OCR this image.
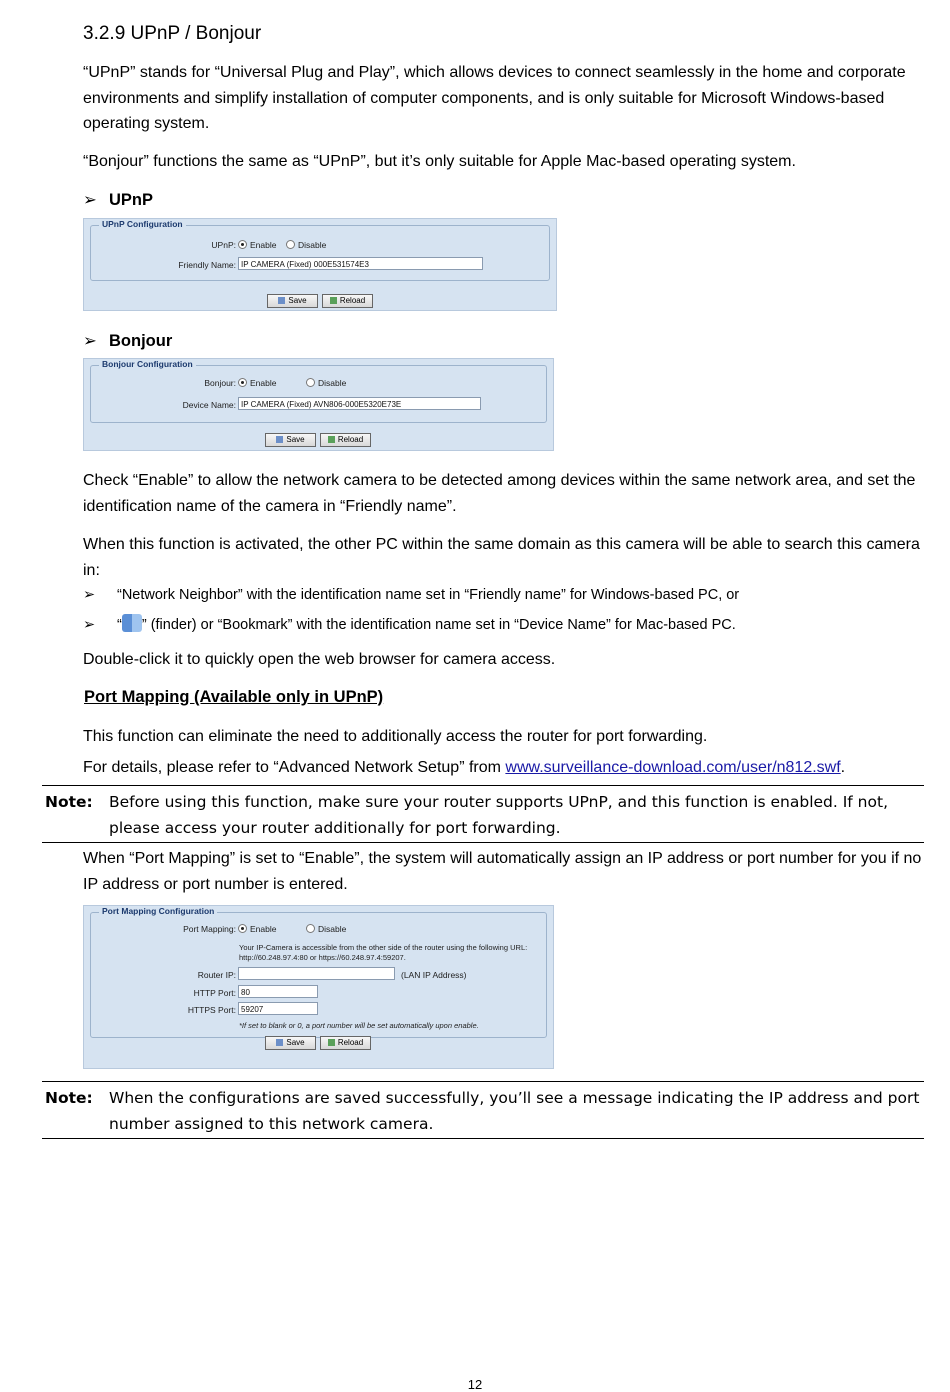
3.2.9 UPnP / Bonjour
“UPnP” stands for “Universal Plug and Play”, which allows devices to connect seamlessly in the home and corporate environments and simplify installation of computer components, and is only suitable for Microsoft Windows-based operating system.
“Bonjour” functions the same as “UPnP”, but it’s only suitable for Apple Mac-based operating system.
➢ UPnP
UPnP Configuration
UPnP:	Enable	Disable
Friendly Name: IP CAMERA (Fixed) 000E531574E3
Save	Reload
➢ Bonjour
Bonjour Configuration
Bonjour:	Enable	Disable
Device Name: IP CAMERA (Fixed) AVN806-000E5320E73E
Save	Reload
Check “Enable” to allow the network camera to be detected among devices within the same network area, and set the identification name of the camera in “Friendly name”.
When this function is activated, the other PC within the same domain as this camera will be able to search this camera in:
➢ “Network Neighbor” with the identification name set in “Friendly name” for Windows-based PC, or
➢ “ ” (finder) or “Bookmark” with the identification name set in “Device Name” for Mac-based PC.
Double-click it to quickly open the web browser for camera access.
Port Mapping (Available only in UPnP)
This function can eliminate the need to additionally access the router for port forwarding.
For details, please refer to “Advanced Network Setup” from www.surveillance-download.com/user/n812.swf.
Note: Before using this function, make sure your router supports UPnP, and this function is enabled. If not, please access your router additionally for port forwarding.
When “Port Mapping” is set to “Enable”, the system will automatically assign an IP address or port number for you if no IP address or port number is entered.
Port Mapping Configuration
Port Mapping:	Enable	Disable
Your IP-Camera is accessible from the other side of the router using the following URL:
http://60.248.97.4:80 or https://60.248.97.4:59207.
Router IP:	(LAN IP Address)
HTTP Port: 80
HTTPS Port: 59207
*If set to blank or 0, a port number will be set automatically upon enable.
Save	Reload
Note: When the configurations are saved successfully, you’ll see a message indicating the IP address and port number assigned to this network camera.
12
